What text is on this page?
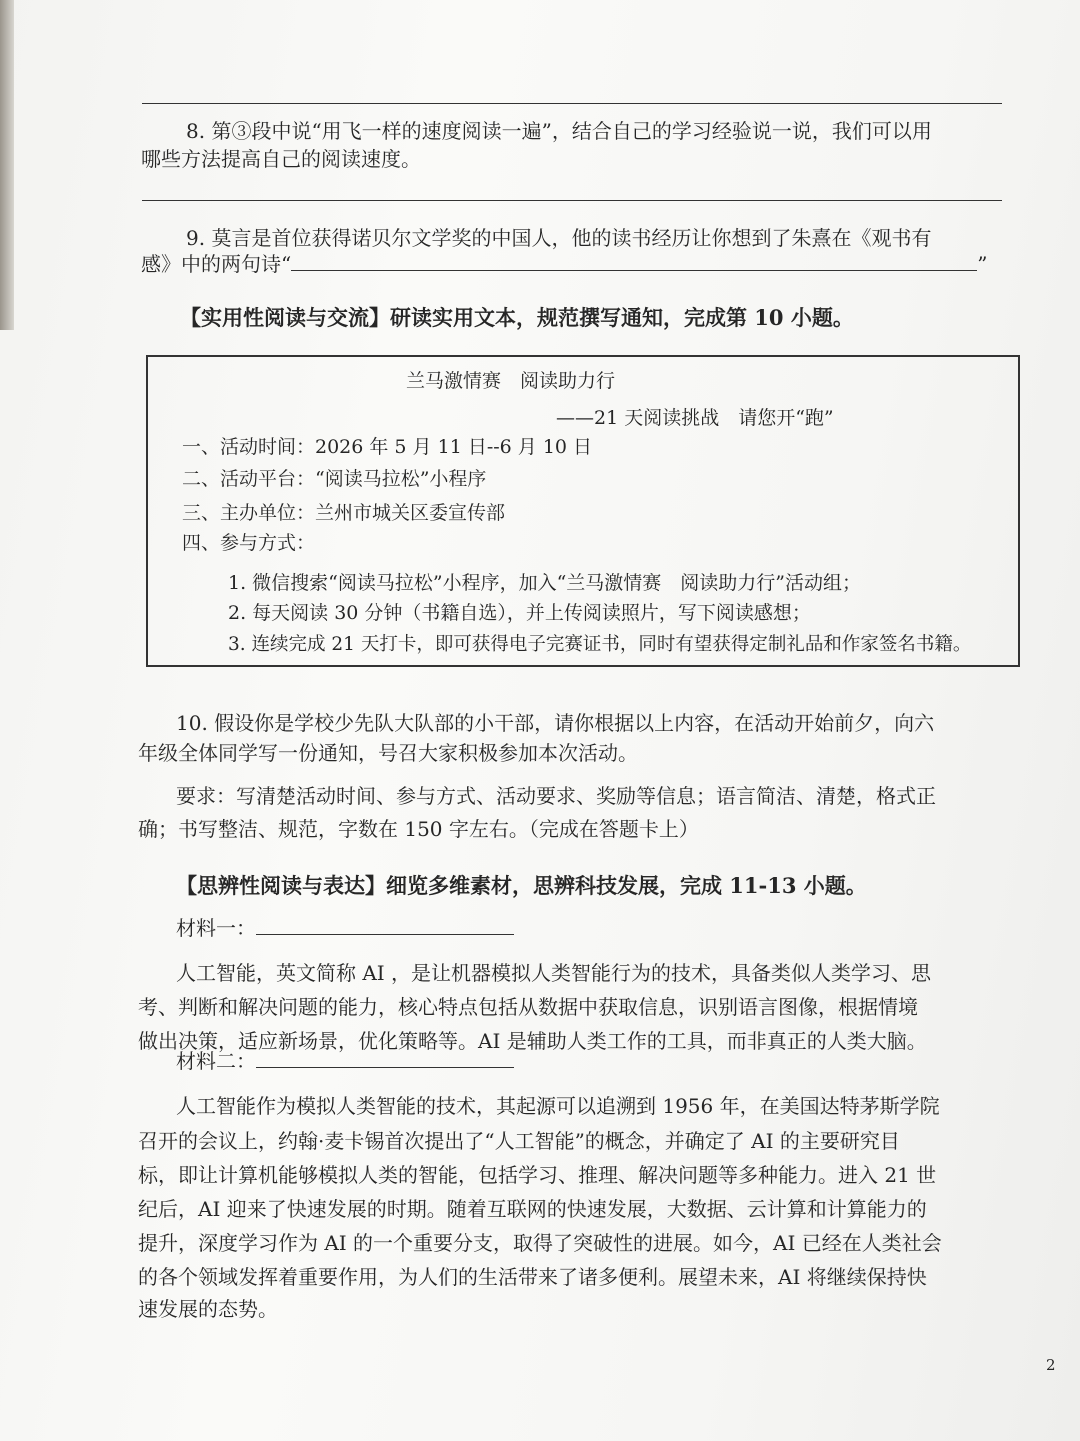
8. 第③段中说“用飞一样的速度阅读一遍”，结合自己的学习经验说一说，我们可以用
哪些方法提高自己的阅读速度。
9. 莫言是首位获得诺贝尔文学奖的中国人，他的读书经历让你想到了朱熹在《观书有
感》中的两句诗“	”
【实用性阅读与交流】研读实用文本，规范撰写通知，完成第 10 小题。
兰马激情赛　阅读助力行
——21 天阅读挑战　请您开“跑”
一、活动时间：2026 年 5 月 11 日--6 月 10 日
二、活动平台：“阅读马拉松”小程序
三、主办单位：兰州市城关区委宣传部
四、参与方式：
1. 微信搜索“阅读马拉松”小程序，加入“兰马激情赛　阅读助力行”活动组；
2. 每天阅读 30 分钟（书籍自选），并上传阅读照片，写下阅读感想；
3. 连续完成 21 天打卡，即可获得电子完赛证书，同时有望获得定制礼品和作家签名书籍。
10. 假设你是学校少先队大队部的小干部，请你根据以上内容，在活动开始前夕，向六
年级全体同学写一份通知，号召大家积极参加本次活动。
要求：写清楚活动时间、参与方式、活动要求、奖励等信息；语言简洁、清楚，格式正
确；书写整洁、规范，字数在 150 字左右。（完成在答题卡上）
【思辨性阅读与表达】细览多维素材，思辨科技发展，完成 11-13 小题。
材料一：
人工智能，英文简称 AI ，是让机器模拟人类智能行为的技术，具备类似人类学习、思
考、判断和解决问题的能力，核心特点包括从数据中获取信息，识别语言图像，根据情境
做出决策，适应新场景，优化策略等。AI 是辅助人类工作的工具，而非真正的人类大脑。
材料二：
人工智能作为模拟人类智能的技术，其起源可以追溯到 1956 年，在美国达特茅斯学院
召开的会议上，约翰·麦卡锡首次提出了“人工智能”的概念，并确定了 AI 的主要研究目
标，即让计算机能够模拟人类的智能，包括学习、推理、解决问题等多种能力。进入 21 世
纪后，AI 迎来了快速发展的时期。随着互联网的快速发展，大数据、云计算和计算能力的
提升，深度学习作为 AI 的一个重要分支，取得了突破性的进展。如今，AI 已经在人类社会
的各个领域发挥着重要作用，为人们的生活带来了诸多便利。展望未来，AI 将继续保持快
速发展的态势。
2
